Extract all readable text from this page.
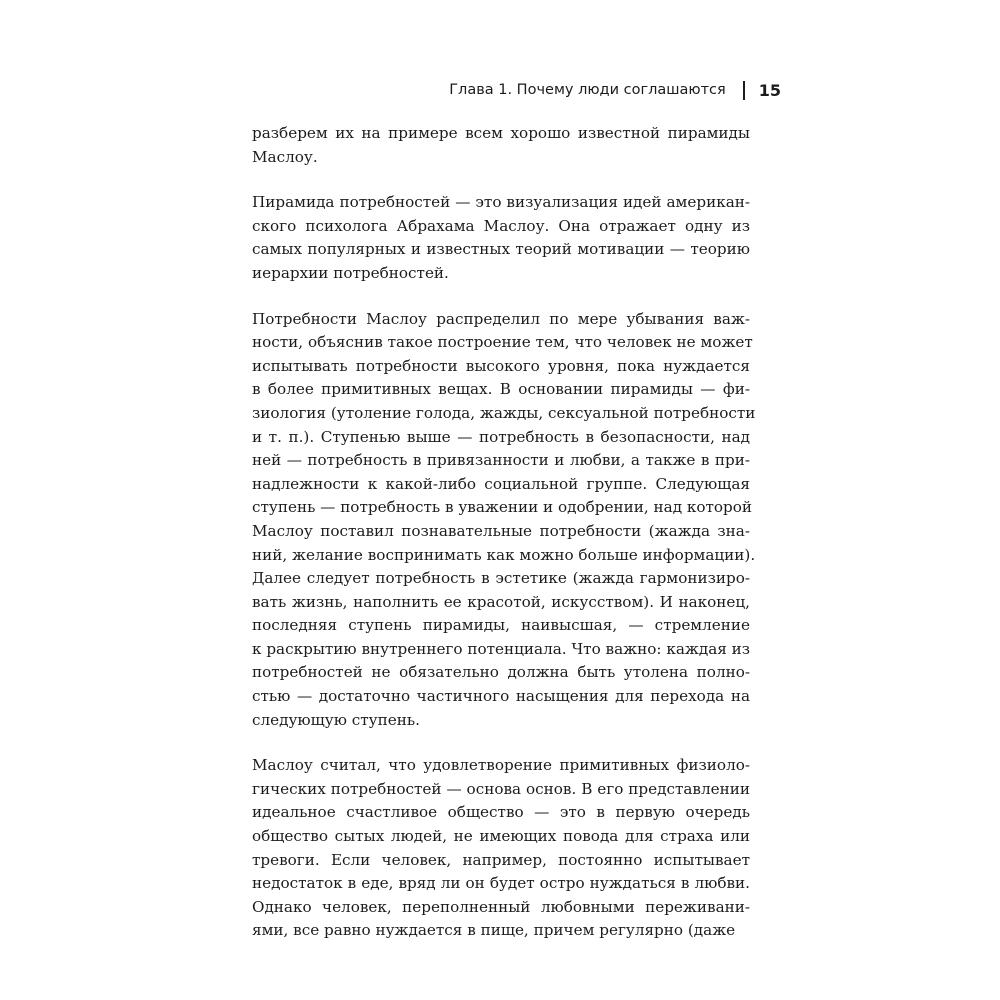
Глава 1. Почему люди соглашаются 15
разберем их на примере всем хорошо известной пирамиды
Маслоу.
Пирамида потребностей — это визуализация идей американ-
ского психолога Абрахама Маслоу. Она отражает одну из
самых популярных и известных теорий мотивации — теорию
иерархии потребностей.
Потребности Маслоу распределил по мере убывания важ-
ности, объяснив такое построение тем, что человек не может
испытывать потребности высокого уровня, пока нуждается
в более примитивных вещах. В основании пирамиды — фи-
зиология (утоление голода, жажды, сексуальной потребности
и т. п.). Ступенью выше — потребность в безопасности, над
ней — потребность в привязанности и любви, а также в при-
надлежности к какой-либо социальной группе. Следующая
ступень — потребность в уважении и одобрении, над которой
Маслоу поставил познавательные потребности (жажда зна-
ний, желание воспринимать как можно больше информации).
Далее следует потребность в эстетике (жажда гармонизиро-
вать жизнь, наполнить ее красотой, искусством). И наконец,
последняя ступень пирамиды, наивысшая, — стремление
к раскрытию внутреннего потенциала. Что важно: каждая из
потребностей не обязательно должна быть утолена полно-
стью — достаточно частичного насыщения для перехода на
следующую ступень.
Маслоу считал, что удовлетворение примитивных физиоло-
гических потребностей — основа основ. В его представлении
идеальное счастливое общество — это в первую очередь
общество сытых людей, не имеющих повода для страха или
тревоги. Если человек, например, постоянно испытывает
недостаток в еде, вряд ли он будет остро нуждаться в любви.
Однако человек, переполненный любовными переживани-
ями, все равно нуждается в пище, причем регулярно (даже
